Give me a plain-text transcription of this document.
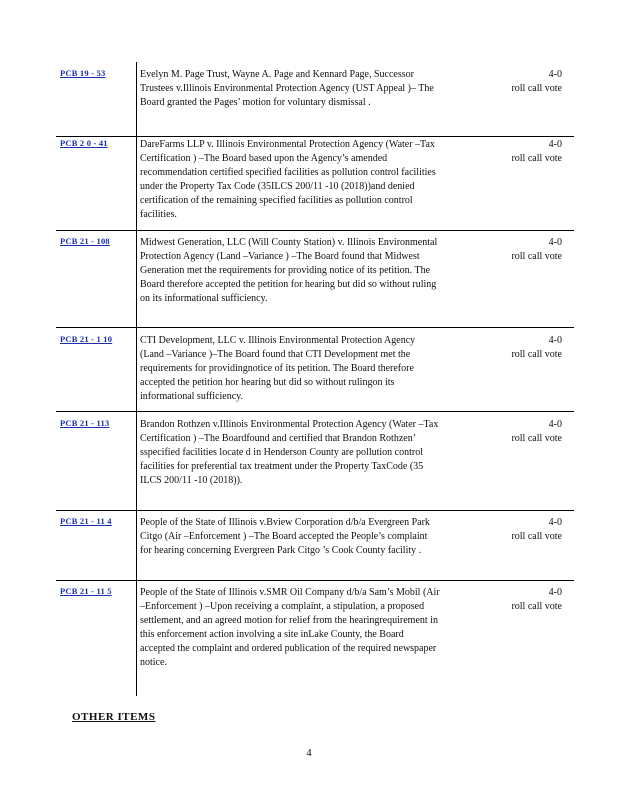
PCB 19 - 53	Evelyn M. Page Trust, Wayne A. Page and Kennard Page, Successor Trustees v.Illinois Environmental Protection Agency (UST Appeal )– The Board granted the Pages’ motion for voluntary dismissal .
4-0
roll call vote
PCB 2 0 - 41	DareFarms LLP v. Illinois Environmental Protection Agency (Water –Tax Certification ) –The Board based upon the Agency’s amended recommendation certified specified facilities as pollution control facilities under the Property Tax Code (35ILCS 200/11 -10 (2018))and denied certification of the remaining specified facilities as pollution control facilities.
4-0
roll call vote
PCB 21 - 108	Midwest Generation, LLC (Will County Station) v. Illinois Environmental Protection Agency (Land –Variance ) –The Board found that Midwest Generation met the requirements for providing notice of its petition. The Board therefore accepted the petition for hearing but did so without ruling on its informational sufficiency.
4-0
roll call vote
PCB 21 - 1 10	CTI Development, LLC v. Illinois Environmental Protection Agency (Land –Variance )–The Board found that CTI Development met the requirements for providingnotice of its petition. The Board therefore accepted the petition hor hearing but did so without rulingon its informational sufficiency.
4-0
roll call vote
PCB 21 - 113	Brandon Rothzen v.Illinois Environmental Protection Agency (Water –Tax Certification ) –The Boardfound and certified that Brandon Rothzen’ sspecified facilities locate d in Henderson County are pollution control facilities for preferential tax treatment under the Property TaxCode (35 ILCS 200/11 -10 (2018)).
4-0
roll call vote
PCB 21 - 11 4	People of the State of Illinois v.Bview Corporation d/b/a Evergreen Park Citgo (Air –Enforcement ) –The Board accepted the People’s complaint for hearing concerning Evergreen Park Citgo ’s Cook County facility .
4-0
roll call vote
PCB 21 - 11 5	People of the State of Illinois v.SMR Oil Company d/b/a Sam’s Mobil (Air –Enforcement ) –Upon receiving a complaint, a stipulation, a proposed settlement, and an agreed motion for relief from the hearingrequirement in this enforcement action involving a site inLake County, the Board accepted the complaint and ordered publication of the required newspaper notice.
4-0
roll call vote
OTHER ITEMS
4
